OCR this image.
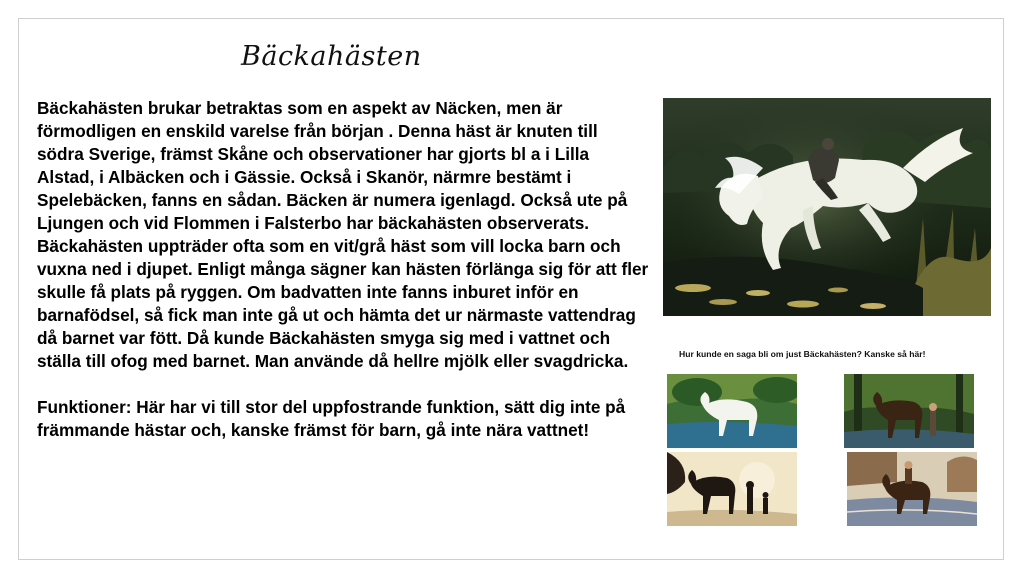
Bäckahästen

Bäckahästen brukar betraktas som en aspekt av Näcken, men är förmodligen en enskild varelse från början . Denna häst är knuten till södra Sverige, främst Skåne och observationer har gjorts bl a i Lilla Alstad, i Albäcken och i Gässie. Också i Skanör, närmre bestämt i Spelebäcken, fanns en sådan. Bäcken är numera igenlagd. Också ute på Ljungen och vid Flommen i Falsterbo har bäckahästen observerats. Bäckahästen uppträder ofta som en vit/grå häst som vill locka barn och vuxna ned i djupet. Enligt många sägner kan hästen förlänga sig för att fler skulle få plats på ryggen. Om badvatten inte fanns inburet inför en barnafödsel, så fick man inte gå ut och hämta det ur närmaste vattendrag då barnet var fött. Då kunde Bäckahästen smyga sig med i vattnet och ställa till ofog med barnet. Man använde då hellre mjölk eller svagdricka.

Funktioner: Här har vi till stor del uppfostrande funktion, sätt dig inte på främmande hästar och, kanske främst för barn, gå inte nära vattnet!

Hur kunde en saga bli om just Bäckahästen? Kanske så här!
